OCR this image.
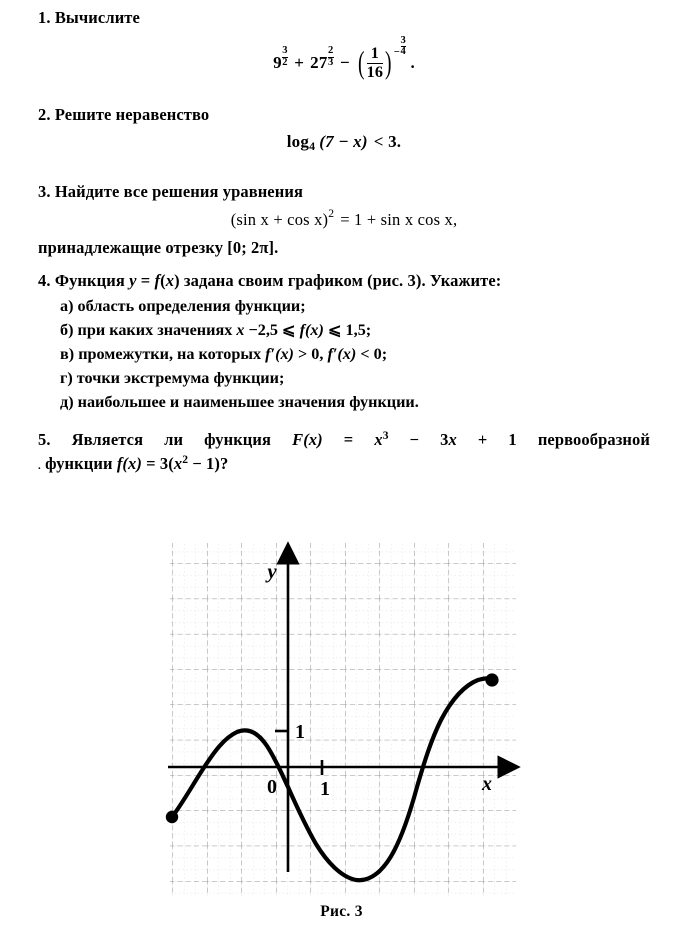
1. Вычислите
$9 \frac{3}{2} + 27 \frac{2}{3}$ − ( $\frac{1}{16}$ ) − $\frac{3}{4}$
.
2. Решите неравенство
log 4 (7 − x) < 3.
3. Найдите все решения уравнения
(sin x + cos x) 2 = 1 + sin x cos x,
принадлежащие отрезку [0; 2π].
4. Функция y = f(x) задана своим графиком (рис. 3). Укажите:
а) область определения функции;
б) при каких значениях x −2,5 ⩽ f(x) ⩽ 1,5;
в) промежутки, на которых f′(x) > 0, f′(x) < 0;
г) точки экстремума функции;
д) наибольшее и наименьшее значения функции.
5. Является ли функция $F(x) = x^3 - 3x + 1$ первообразной
. функции $f(x) = 3(x^2 - 1)$?
y
x
0 1
1
Рис. 3
